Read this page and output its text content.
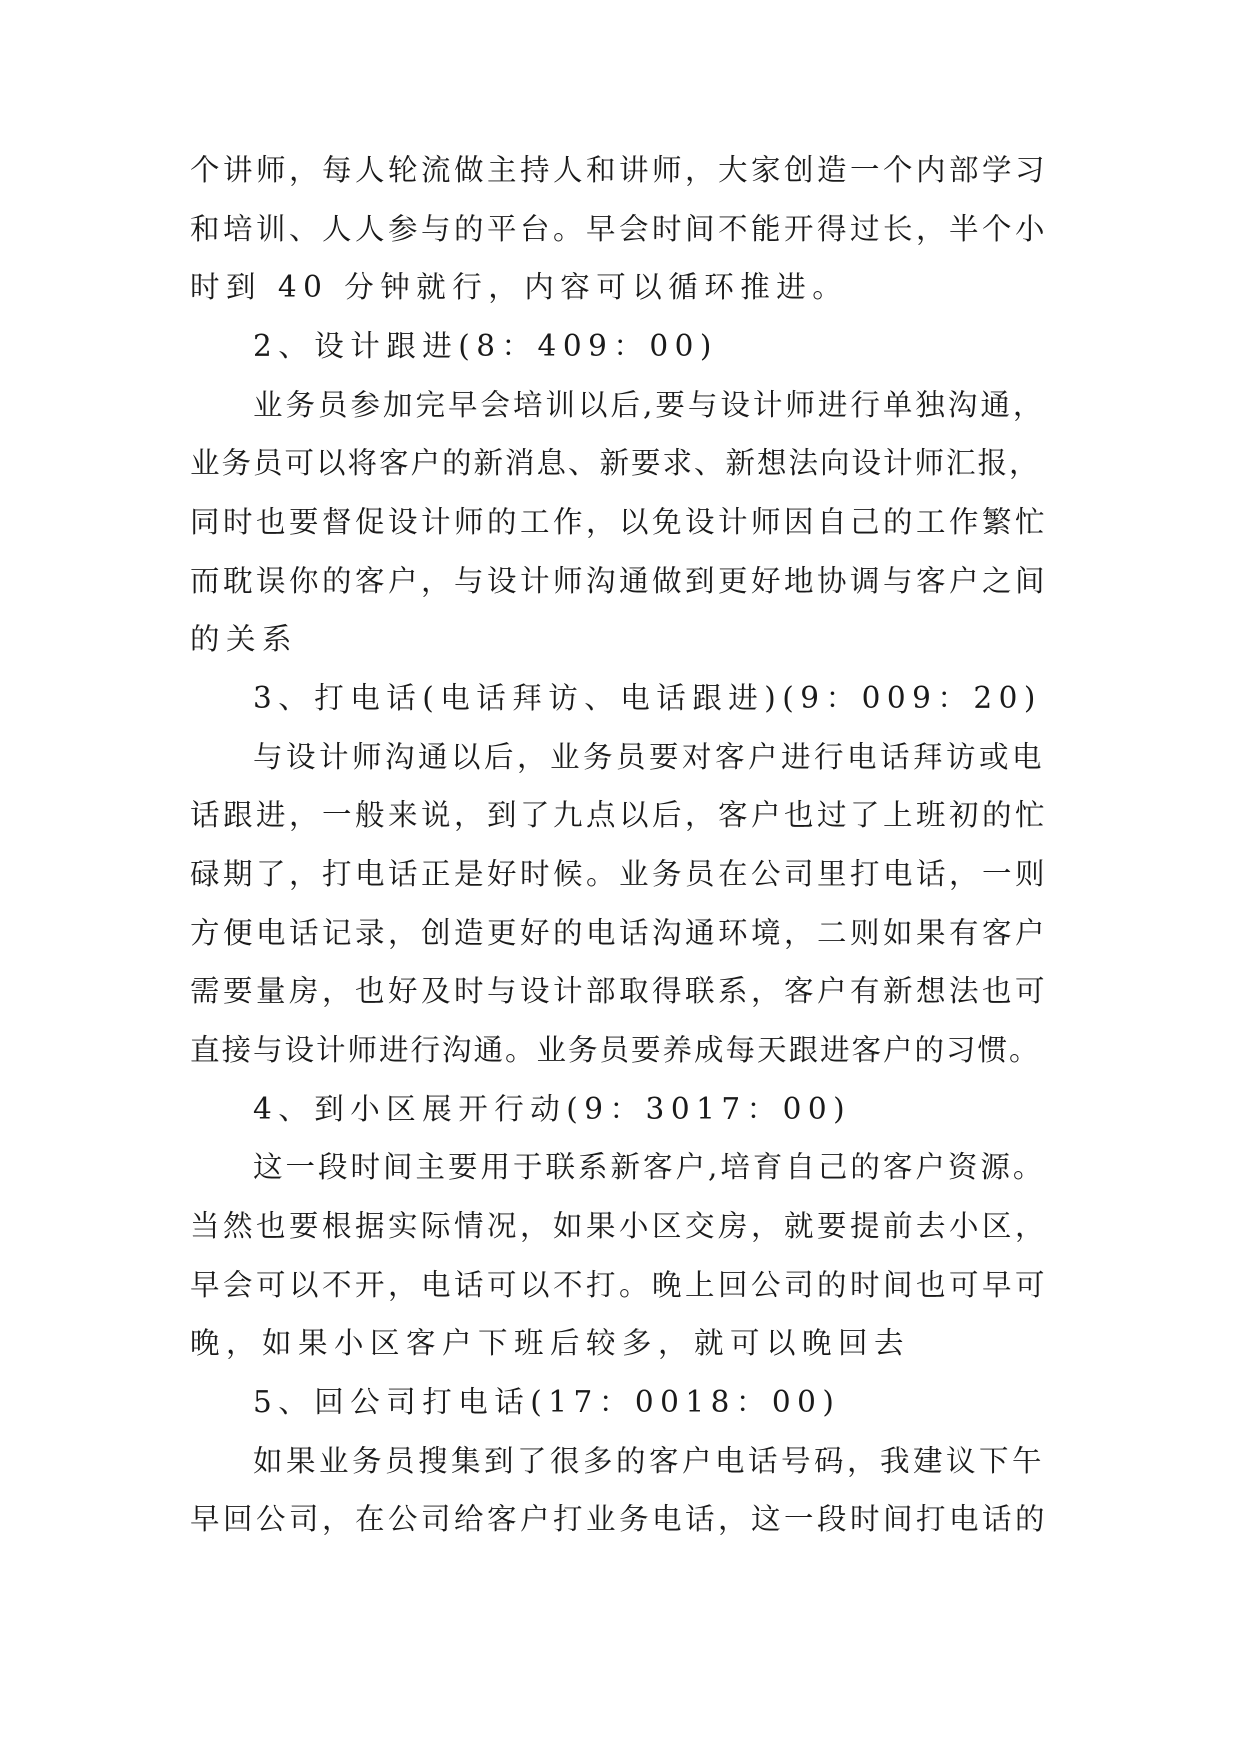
个讲师，每人轮流做主持人和讲师，大家创造一个内部学习
和培训、人人参与的平台。早会时间不能开得过长，半个小
时到 40 分钟就行，内容可以循环推进。
2、设计跟进(8：409：00)
业务员参加完早会培训以后,要与设计师进行单独沟通，
业务员可以将客户的新消息、新要求、新想法向设计师汇报，
同时也要督促设计师的工作，以免设计师因自己的工作繁忙
而耽误你的客户，与设计师沟通做到更好地协调与客户之间
的关系
3、打电话(电话拜访、电话跟进)(9：009：20)
与设计师沟通以后，业务员要对客户进行电话拜访或电
话跟进，一般来说，到了九点以后，客户也过了上班初的忙
碌期了，打电话正是好时候。业务员在公司里打电话，一则
方便电话记录，创造更好的电话沟通环境，二则如果有客户
需要量房，也好及时与设计部取得联系，客户有新想法也可
直接与设计师进行沟通。业务员要养成每天跟进客户的习惯。
4、到小区展开行动(9：3017：00)
这一段时间主要用于联系新客户,培育自己的客户资源。
当然也要根据实际情况，如果小区交房，就要提前去小区，
早会可以不开，电话可以不打。晚上回公司的时间也可早可
晚，如果小区客户下班后较多，就可以晚回去
5、回公司打电话(17：0018：00)
如果业务员搜集到了很多的客户电话号码，我建议下午
早回公司，在公司给客户打业务电话，这一段时间打电话的
